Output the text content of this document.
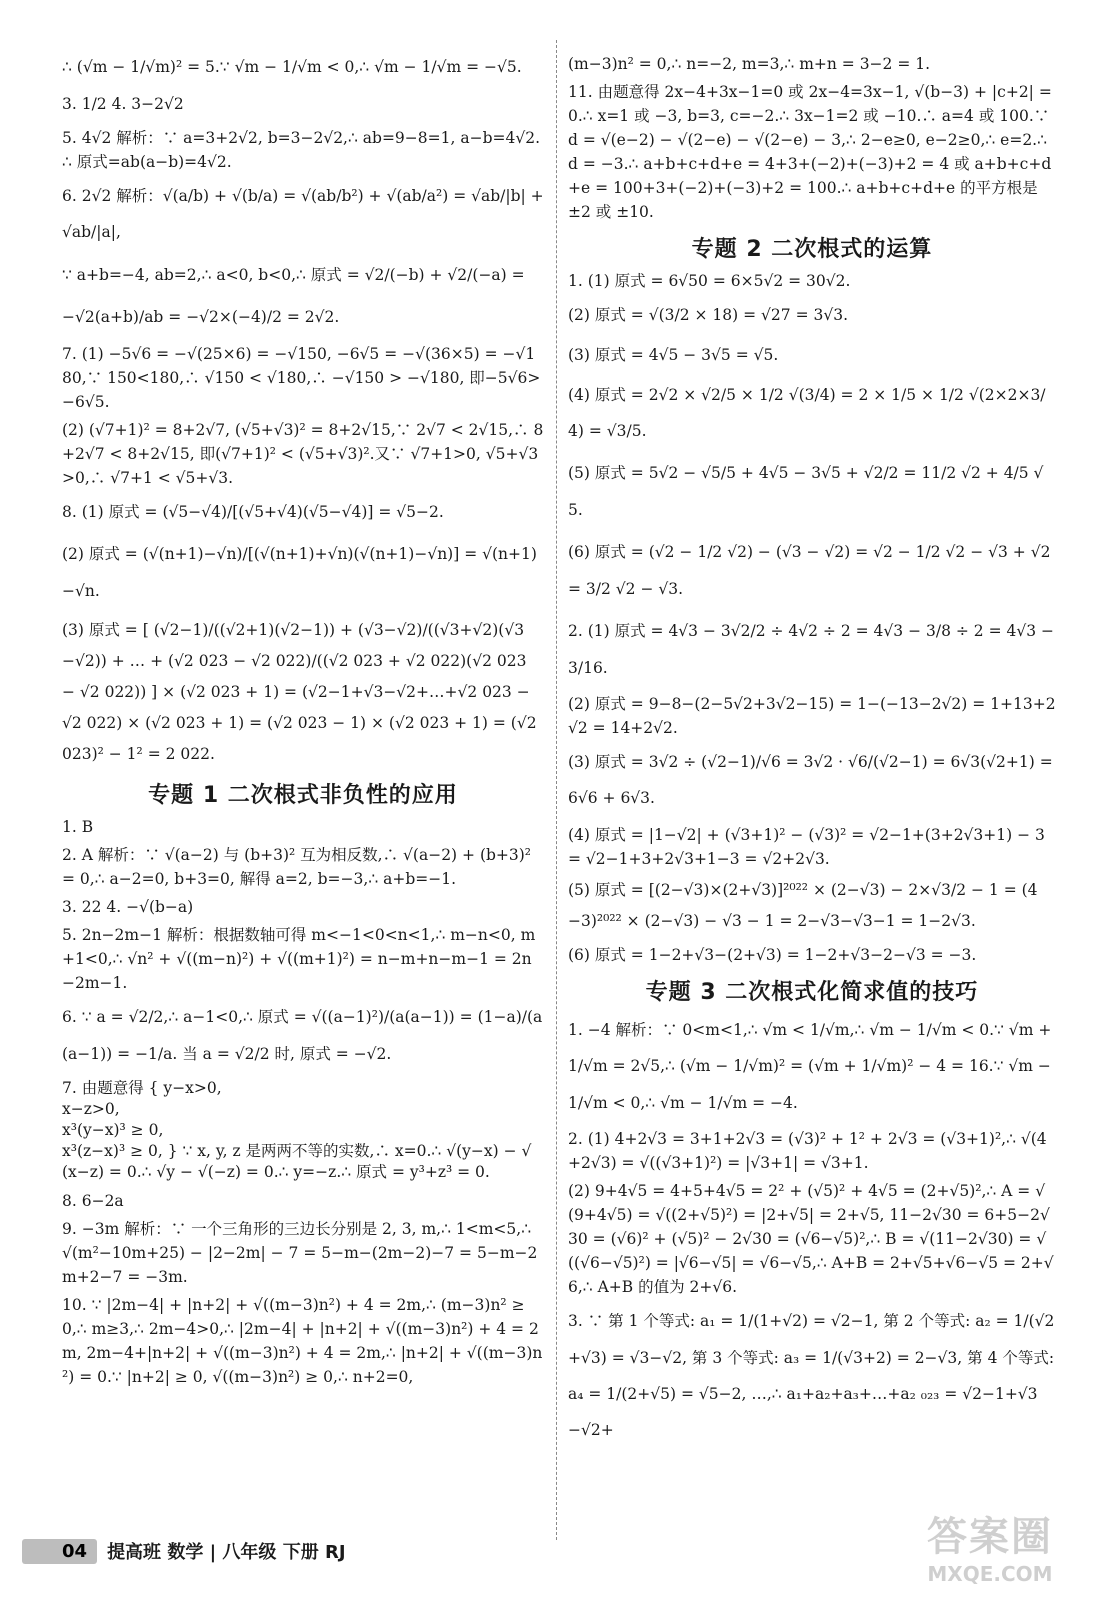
∴ (√m − 1/√m)² = 5.∵ √m − 1/√m < 0,∴ √m − 1/√m = −√5.
3. 1/2 4. 3−2√2
5. 4√2 解析：∵ a=3+2√2, b=3−2√2,∴ ab=9−8=1, a−b=4√2.∴ 原式=ab(a−b)=4√2.
6. 2√2 解析：√(a/b) + √(b/a) = √(ab/b²) + √(ab/a²) = √ab/|b| + √ab/|a|,
∵ a+b=−4, ab=2,∴ a<0, b<0,∴ 原式 = √2/(−b) + √2/(−a) =
−√2(a+b)/ab = −√2×(−4)/2 = 2√2.
7. (1) −5√6 = −√(25×6) = −√150, −6√5 = −√(36×5) = −√180,∵ 150<180,∴ √150 < √180,∴ −√150 > −√180, 即−5√6>−6√5.
(2) (√7+1)² = 8+2√7, (√5+√3)² = 8+2√15,∵ 2√7 < 2√15,∴ 8+2√7 < 8+2√15, 即(√7+1)² < (√5+√3)².又∵ √7+1>0, √5+√3>0,∴ √7+1 < √5+√3.
8. (1) 原式 = (√5−√4)/[(√5+√4)(√5−√4)] = √5−2.
(2) 原式 = (√(n+1)−√n)/[(√(n+1)+√n)(√(n+1)−√n)] = √(n+1)−√n.
(3) 原式 = [ (√2−1)/((√2+1)(√2−1)) + (√3−√2)/((√3+√2)(√3−√2)) + … + (√2 023 − √2 022)/((√2 023 + √2 022)(√2 023 − √2 022)) ] × (√2 023 + 1) = (√2−1+√3−√2+…+√2 023 − √2 022) × (√2 023 + 1) = (√2 023 − 1) × (√2 023 + 1) = (√2 023)² − 1² = 2 022.
专题 1 二次根式非负性的应用
1. B
2. A 解析：∵ √(a−2) 与 (b+3)² 互为相反数,∴ √(a−2) + (b+3)² = 0,∴ a−2=0, b+3=0, 解得 a=2, b=−3,∴ a+b=−1.
3. 22 4. −√(b−a)
5. 2n−2m−1 解析：根据数轴可得 m<−1<0<n<1,∴ m−n<0, m+1<0,∴ √n² + √((m−n)²) + √((m+1)²) = n−m+n−m−1 = 2n−2m−1.
6. ∵ a = √2/2,∴ a−1<0,∴ 原式 = √((a−1)²)/(a(a−1)) = (1−a)/(a(a−1)) = −1/a. 当 a = √2/2 时, 原式 = −√2.
7. 由题意得 { y−x>0,
x−z>0,
x³(y−x)³ ≥ 0,
x³(z−x)³ ≥ 0, } ∵ x, y, z 是两两不等的实数,∴ x=0.∴ √(y−x) − √(x−z) = 0.∴ √y − √(−z) = 0.∴ y=−z.∴ 原式 = y³+z³ = 0.
8. 6−2a
9. −3m 解析：∵ 一个三角形的三边长分别是 2, 3, m,∴ 1<m<5,∴ √(m²−10m+25) − |2−2m| − 7 = 5−m−(2m−2)−7 = 5−m−2m+2−7 = −3m.
10. ∵ |2m−4| + |n+2| + √((m−3)n²) + 4 = 2m,∴ (m−3)n² ≥ 0,∴ m≥3,∴ 2m−4>0,∴ |2m−4| + |n+2| + √((m−3)n²) + 4 = 2m, 2m−4+|n+2| + √((m−3)n²) + 4 = 2m,∴ |n+2| + √((m−3)n²) = 0.∵ |n+2| ≥ 0, √((m−3)n²) ≥ 0,∴ n+2=0,
(m−3)n² = 0,∴ n=−2, m=3,∴ m+n = 3−2 = 1.
11. 由题意得 2x−4+3x−1=0 或 2x−4=3x−1, √(b−3) + |c+2| = 0.∴ x=1 或 −3, b=3, c=−2.∴ 3x−1=2 或 −10.∴ a=4 或 100.∵ d = √(e−2) − √(2−e) − √(2−e) − 3,∴ 2−e≥0, e−2≥0,∴ e=2.∴ d = −3.∴ a+b+c+d+e = 4+3+(−2)+(−3)+2 = 4 或 a+b+c+d+e = 100+3+(−2)+(−3)+2 = 100.∴ a+b+c+d+e 的平方根是 ±2 或 ±10.
专题 2 二次根式的运算
1. (1) 原式 = 6√50 = 6×5√2 = 30√2.
(2) 原式 = √(3/2 × 18) = √27 = 3√3.
(3) 原式 = 4√5 − 3√5 = √5.
(4) 原式 = 2√2 × √2/5 × 1/2 √(3/4) = 2 × 1/5 × 1/2 √(2×2×3/4) = √3/5.
(5) 原式 = 5√2 − √5/5 + 4√5 − 3√5 + √2/2 = 11/2 √2 + 4/5 √5.
(6) 原式 = (√2 − 1/2 √2) − (√3 − √2) = √2 − 1/2 √2 − √3 + √2 = 3/2 √2 − √3.
2. (1) 原式 = 4√3 − 3√2/2 ÷ 4√2 ÷ 2 = 4√3 − 3/8 ÷ 2 = 4√3 − 3/16.
(2) 原式 = 9−8−(2−5√2+3√2−15) = 1−(−13−2√2) = 1+13+2√2 = 14+2√2.
(3) 原式 = 3√2 ÷ (√2−1)/√6 = 3√2 · √6/(√2−1) = 6√3(√2+1) = 6√6 + 6√3.
(4) 原式 = |1−√2| + (√3+1)² − (√3)² = √2−1+(3+2√3+1) − 3 = √2−1+3+2√3+1−3 = √2+2√3.
(5) 原式 = [(2−√3)×(2+√3)]²⁰²² × (2−√3) − 2×√3/2 − 1 = (4−3)²⁰²² × (2−√3) − √3 − 1 = 2−√3−√3−1 = 1−2√3.
(6) 原式 = 1−2+√3−(2+√3) = 1−2+√3−2−√3 = −3.
专题 3 二次根式化简求值的技巧
1. −4 解析：∵ 0<m<1,∴ √m < 1/√m,∴ √m − 1/√m < 0.∵ √m + 1/√m = 2√5,∴ (√m − 1/√m)² = (√m + 1/√m)² − 4 = 16.∵ √m − 1/√m < 0,∴ √m − 1/√m = −4.
2. (1) 4+2√3 = 3+1+2√3 = (√3)² + 1² + 2√3 = (√3+1)²,∴ √(4+2√3) = √((√3+1)²) = |√3+1| = √3+1.
(2) 9+4√5 = 4+5+4√5 = 2² + (√5)² + 4√5 = (2+√5)²,∴ A = √(9+4√5) = √((2+√5)²) = |2+√5| = 2+√5, 11−2√30 = 6+5−2√30 = (√6)² + (√5)² − 2√30 = (√6−√5)²,∴ B = √(11−2√30) = √((√6−√5)²) = |√6−√5| = √6−√5,∴ A+B = 2+√5+√6−√5 = 2+√6,∴ A+B 的值为 2+√6.
3. ∵ 第 1 个等式: a₁ = 1/(1+√2) = √2−1, 第 2 个等式: a₂ = 1/(√2+√3) = √3−√2, 第 3 个等式: a₃ = 1/(√3+2) = 2−√3, 第 4 个等式: a₄ = 1/(2+√5) = √5−2, …,∴ a₁+a₂+a₃+…+a₂ ₀₂₃ = √2−1+√3−√2+
04	提高班 数学 | 八年级 下册 RJ	答案圈
MXQE.COM
